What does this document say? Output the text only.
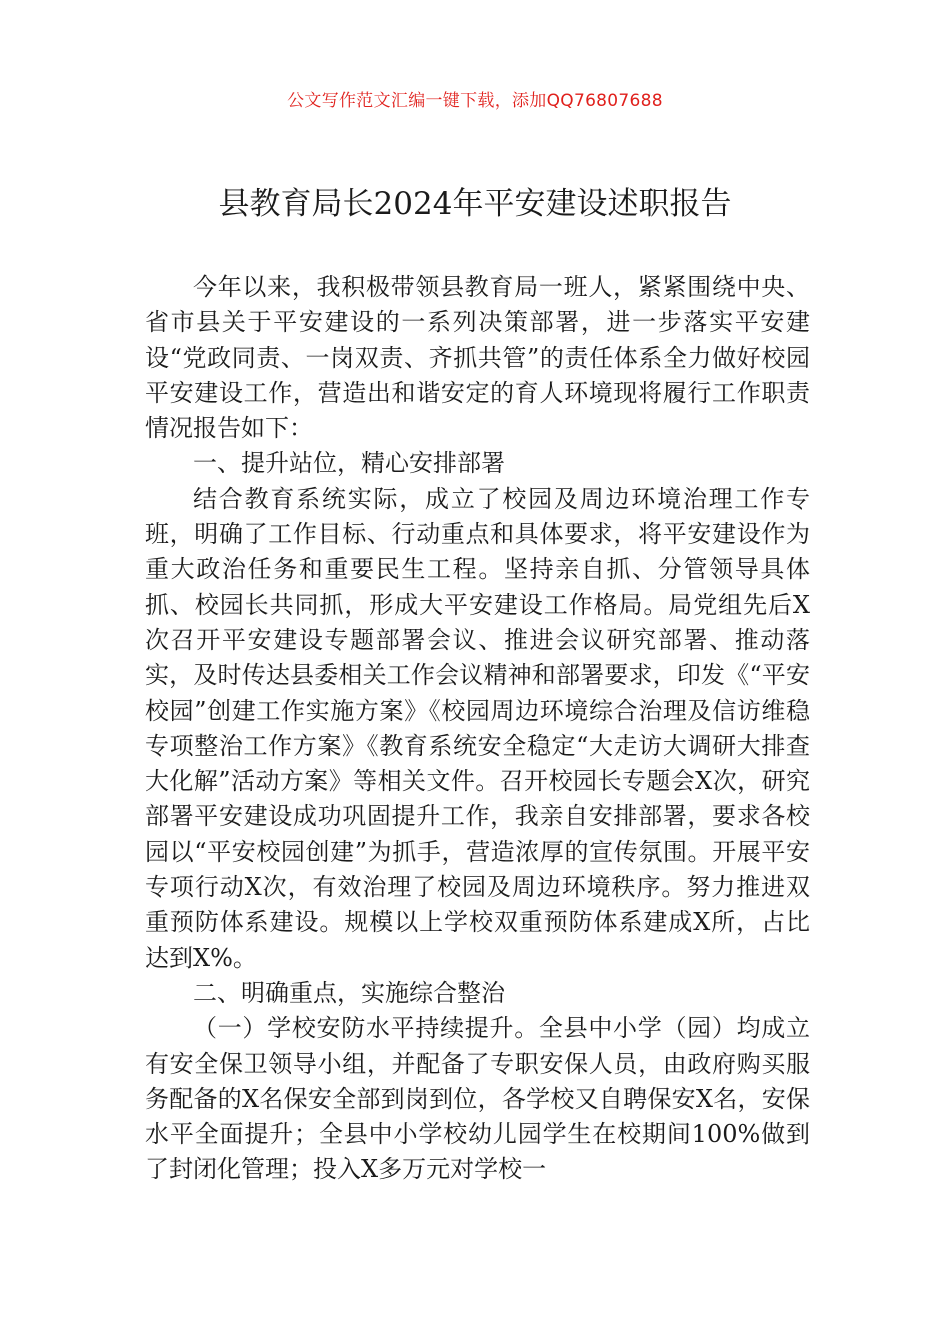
公文写作范文汇编一键下载，添加QQ76807688
县教育局长2024年平安建设述职报告

今年以来，我积极带领县教育局一班人，紧紧围绕中央、省市县关于平安建设的一系列决策部署，进一步落实平安建设“党政同责、一岗双责、齐抓共管”的责任体系全力做好校园平安建设工作，营造出和谐安定的育人环境现将履行工作职责情况报告如下：

一、提升站位，精心安排部署

结合教育系统实际，成立了校园及周边环境治理工作专班，明确了工作目标、行动重点和具体要求，将平安建设作为重大政治任务和重要民生工程。坚持亲自抓、分管领导具体抓、校园长共同抓，形成大平安建设工作格局。局党组先后X次召开平安建设专题部署会议、推进会议研究部署、推动落实，及时传达县委相关工作会议精神和部署要求，印发《“平安校园”创建工作实施方案》《校园周边环境综合治理及信访维稳专项整治工作方案》《教育系统安全稳定“大走访大调研大排查大化解”活动方案》等相关文件。召开校园长专题会X次，研究部署平安建设成功巩固提升工作，我亲自安排部署，要求各校园以“平安校园创建”为抓手，营造浓厚的宣传氛围。开展平安专项行动X次，有效治理了校园及周边环境秩序。努力推进双重预防体系建设。规模以上学校双重预防体系建成X所，占比达到X%。

二、明确重点，实施综合整治

（一）学校安防水平持续提升。全县中小学（园）均成立有安全保卫领导小组，并配备了专职安保人员，由政府购买服务配备的X名保安全部到岗到位，各学校又自聘保安X名，安保水平全面提升；全县中小学校幼儿园学生在校期间100%做到了封闭化管理；投入X多万元对学校一
